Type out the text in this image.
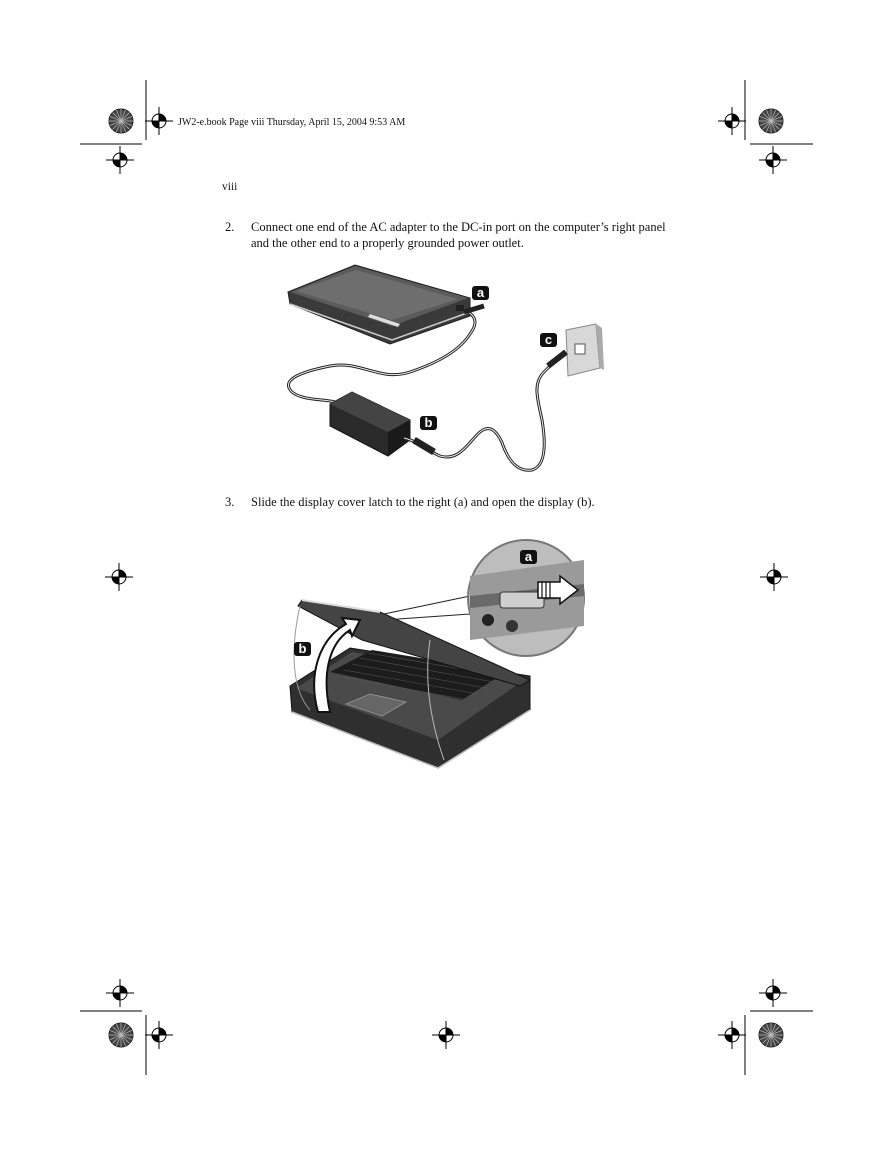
JW2-e.book Page viii Thursday, April 15, 2004 9:53 AM
viii
2.	Connect one end of the AC adapter to the DC-in port on the computer’s right panel and the other end to a properly grounded power outlet.
a
c
b
3.	Slide the display cover latch to the right (a) and open the display (b).
a
b
